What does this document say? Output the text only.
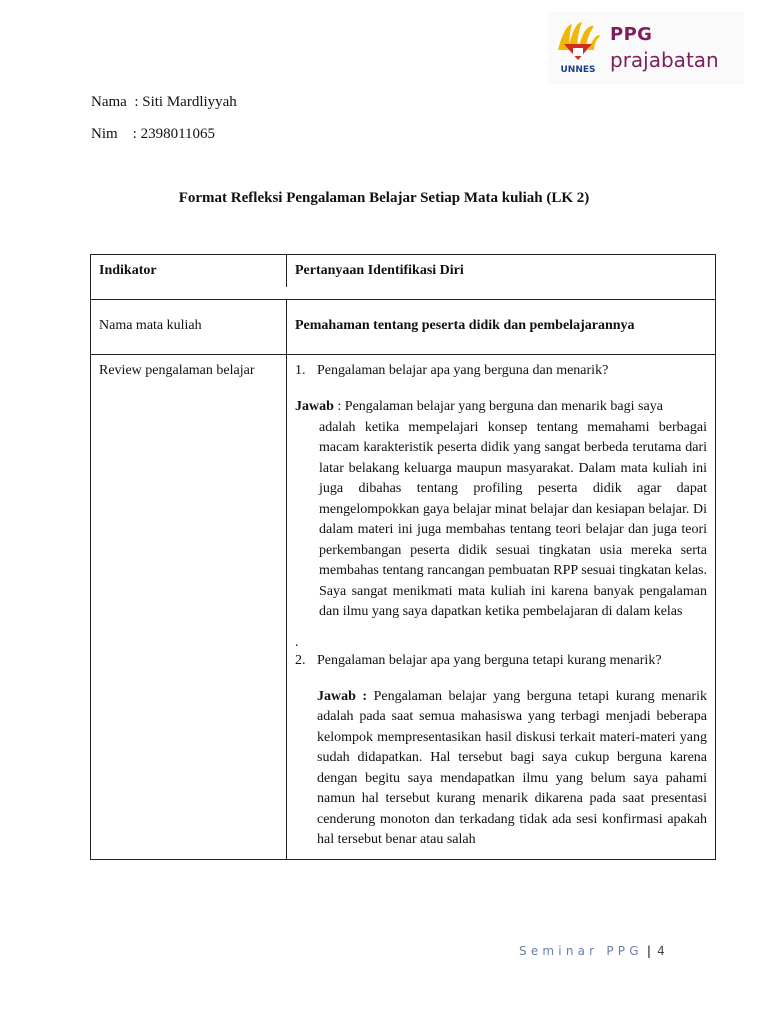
UNNES
PPG
prajabatan
Nama  : Siti Mardliyyah
Nim    : 2398011065
Format Refleksi Pengalaman Belajar Setiap Mata kuliah (LK 2)
Indikator	Pertanyaan Identifikasi Diri
Nama mata kuliah	Pemahaman tentang peserta didik dan pembelajarannya
Review pengalaman belajar	1. Pengalaman belajar apa yang berguna dan menarik?
Jawab : Pengalaman belajar yang berguna dan menarik bagi saya
adalah ketika mempelajari konsep tentang memahami berbagai macam karakteristik peserta didik yang sangat berbeda terutama dari latar belakang keluarga maupun masyarakat. Dalam mata kuliah ini juga dibahas tentang profiling peserta didik agar dapat mengelompokkan gaya belajar minat belajar dan kesiapan belajar. Di dalam materi ini juga membahas tentang teori belajar dan juga teori perkembangan peserta didik sesuai tingkatan usia mereka serta membahas tentang rancangan pembuatan RPP sesuai tingkatan kelas. Saya sangat menikmati mata kuliah ini karena banyak pengalaman dan ilmu yang saya dapatkan ketika pembelajaran di dalam kelas
.
2. Pengalaman belajar apa yang berguna tetapi kurang menarik?
Jawab : Pengalaman belajar yang berguna tetapi kurang menarik adalah pada saat semua mahasiswa yang terbagi menjadi beberapa kelompok mempresentasikan hasil diskusi terkait materi-materi yang sudah didapatkan. Hal tersebut bagi saya cukup berguna karena dengan begitu saya mendapatkan ilmu yang belum saya pahami namun hal tersebut kurang menarik dikarena pada saat presentasi cenderung monoton dan terkadang tidak ada sesi konfirmasi apakah hal tersebut benar atau salah
Seminar PPG | 4
